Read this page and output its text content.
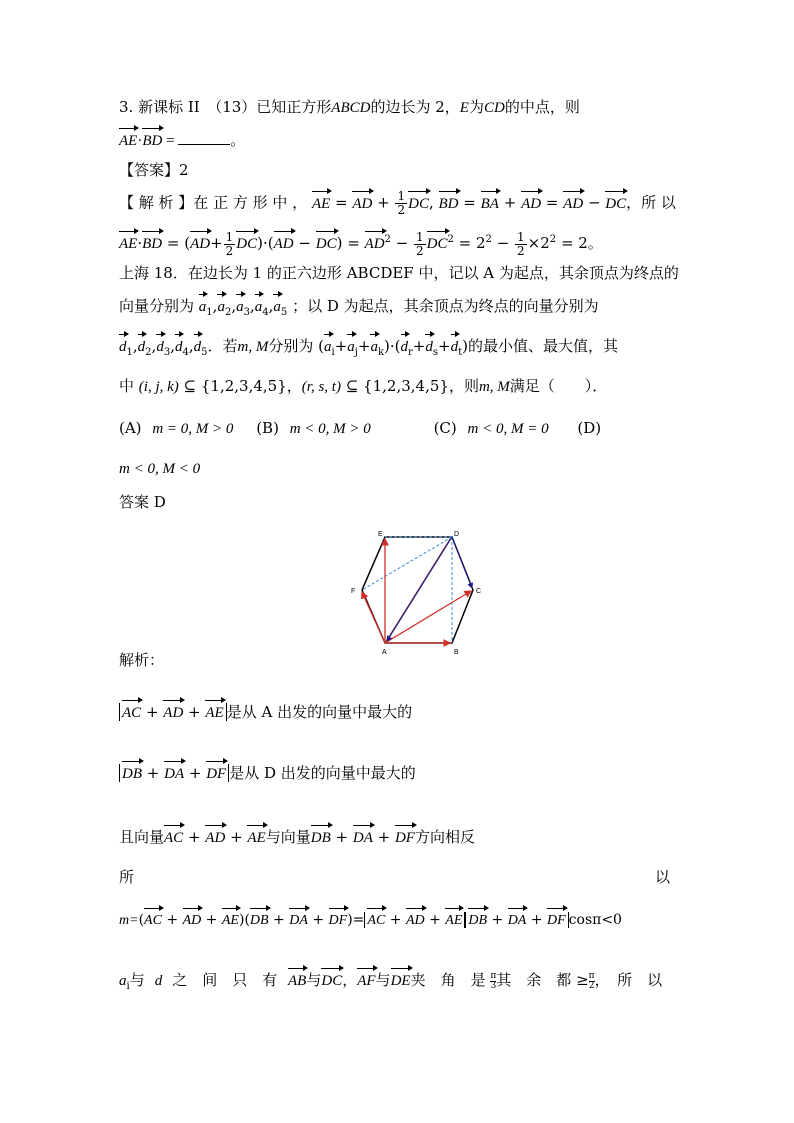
3. 新课标 II　（13）已知正方形ABCD的边长为 2，E为CD的中点，则
AE·BD =	。
【答案】2
【 解 析 】在 正 方 形 中 ， AE = AD + $\frac{1}{2}$ DC, BD = BA + AD = AD − DC，所 以
$AE\cdot BD = (AD+ \frac{1}{2} DC)\cdot(AD - DC) = AD^2 - \frac{1}{2} DC^2 = 2^2 - \frac{1}{2} \times 2^2 = 2$。
上海 18．在边长为 1 的正六边形 ABCDEF 中，记以 A 为起点，其余顶点为终点的
向量分别为 $a_1,a_2,a_3,a_4,a_5$ ；以 D 为起点，其余顶点为终点的向量分别为
$d_1,d_2,d_3,d_4,d_5$．若m, M分别为 $(a_i+a_j+a_k)\cdot(d_r+d_s+d_t)$的最小值、最大值，其
中 (i, j, k) ⊆ {1,2,3,4,5}，(r, s, t) ⊆ {1,2,3,4,5}，则m, M满足（　　）．
(A) m = 0, M > 0 (B) m < 0, M > 0	(C) m < 0, M = 0 (D)
m < 0, M < 0
答案 D
E	D
F	C
A	B
解析：
AC + AD + AE 是从 A 出发的向量中最大的
DB + DA + DF 是从 D 出发的向量中最大的
且向量AC + AD + AE与向量DB + DA + DF方向相反
所	以
m=(AC + AD + AE)(DB + DA + DF)= AC + AD + AE DB + DA + DF cosπ<0
$a_i$与 d 之　间　只　有 AB与DC，AF与DE夹　角　是 $\frac{\pi}{3}$其　余　都 ≥ $\frac{\pi}{2}$，　所　以
